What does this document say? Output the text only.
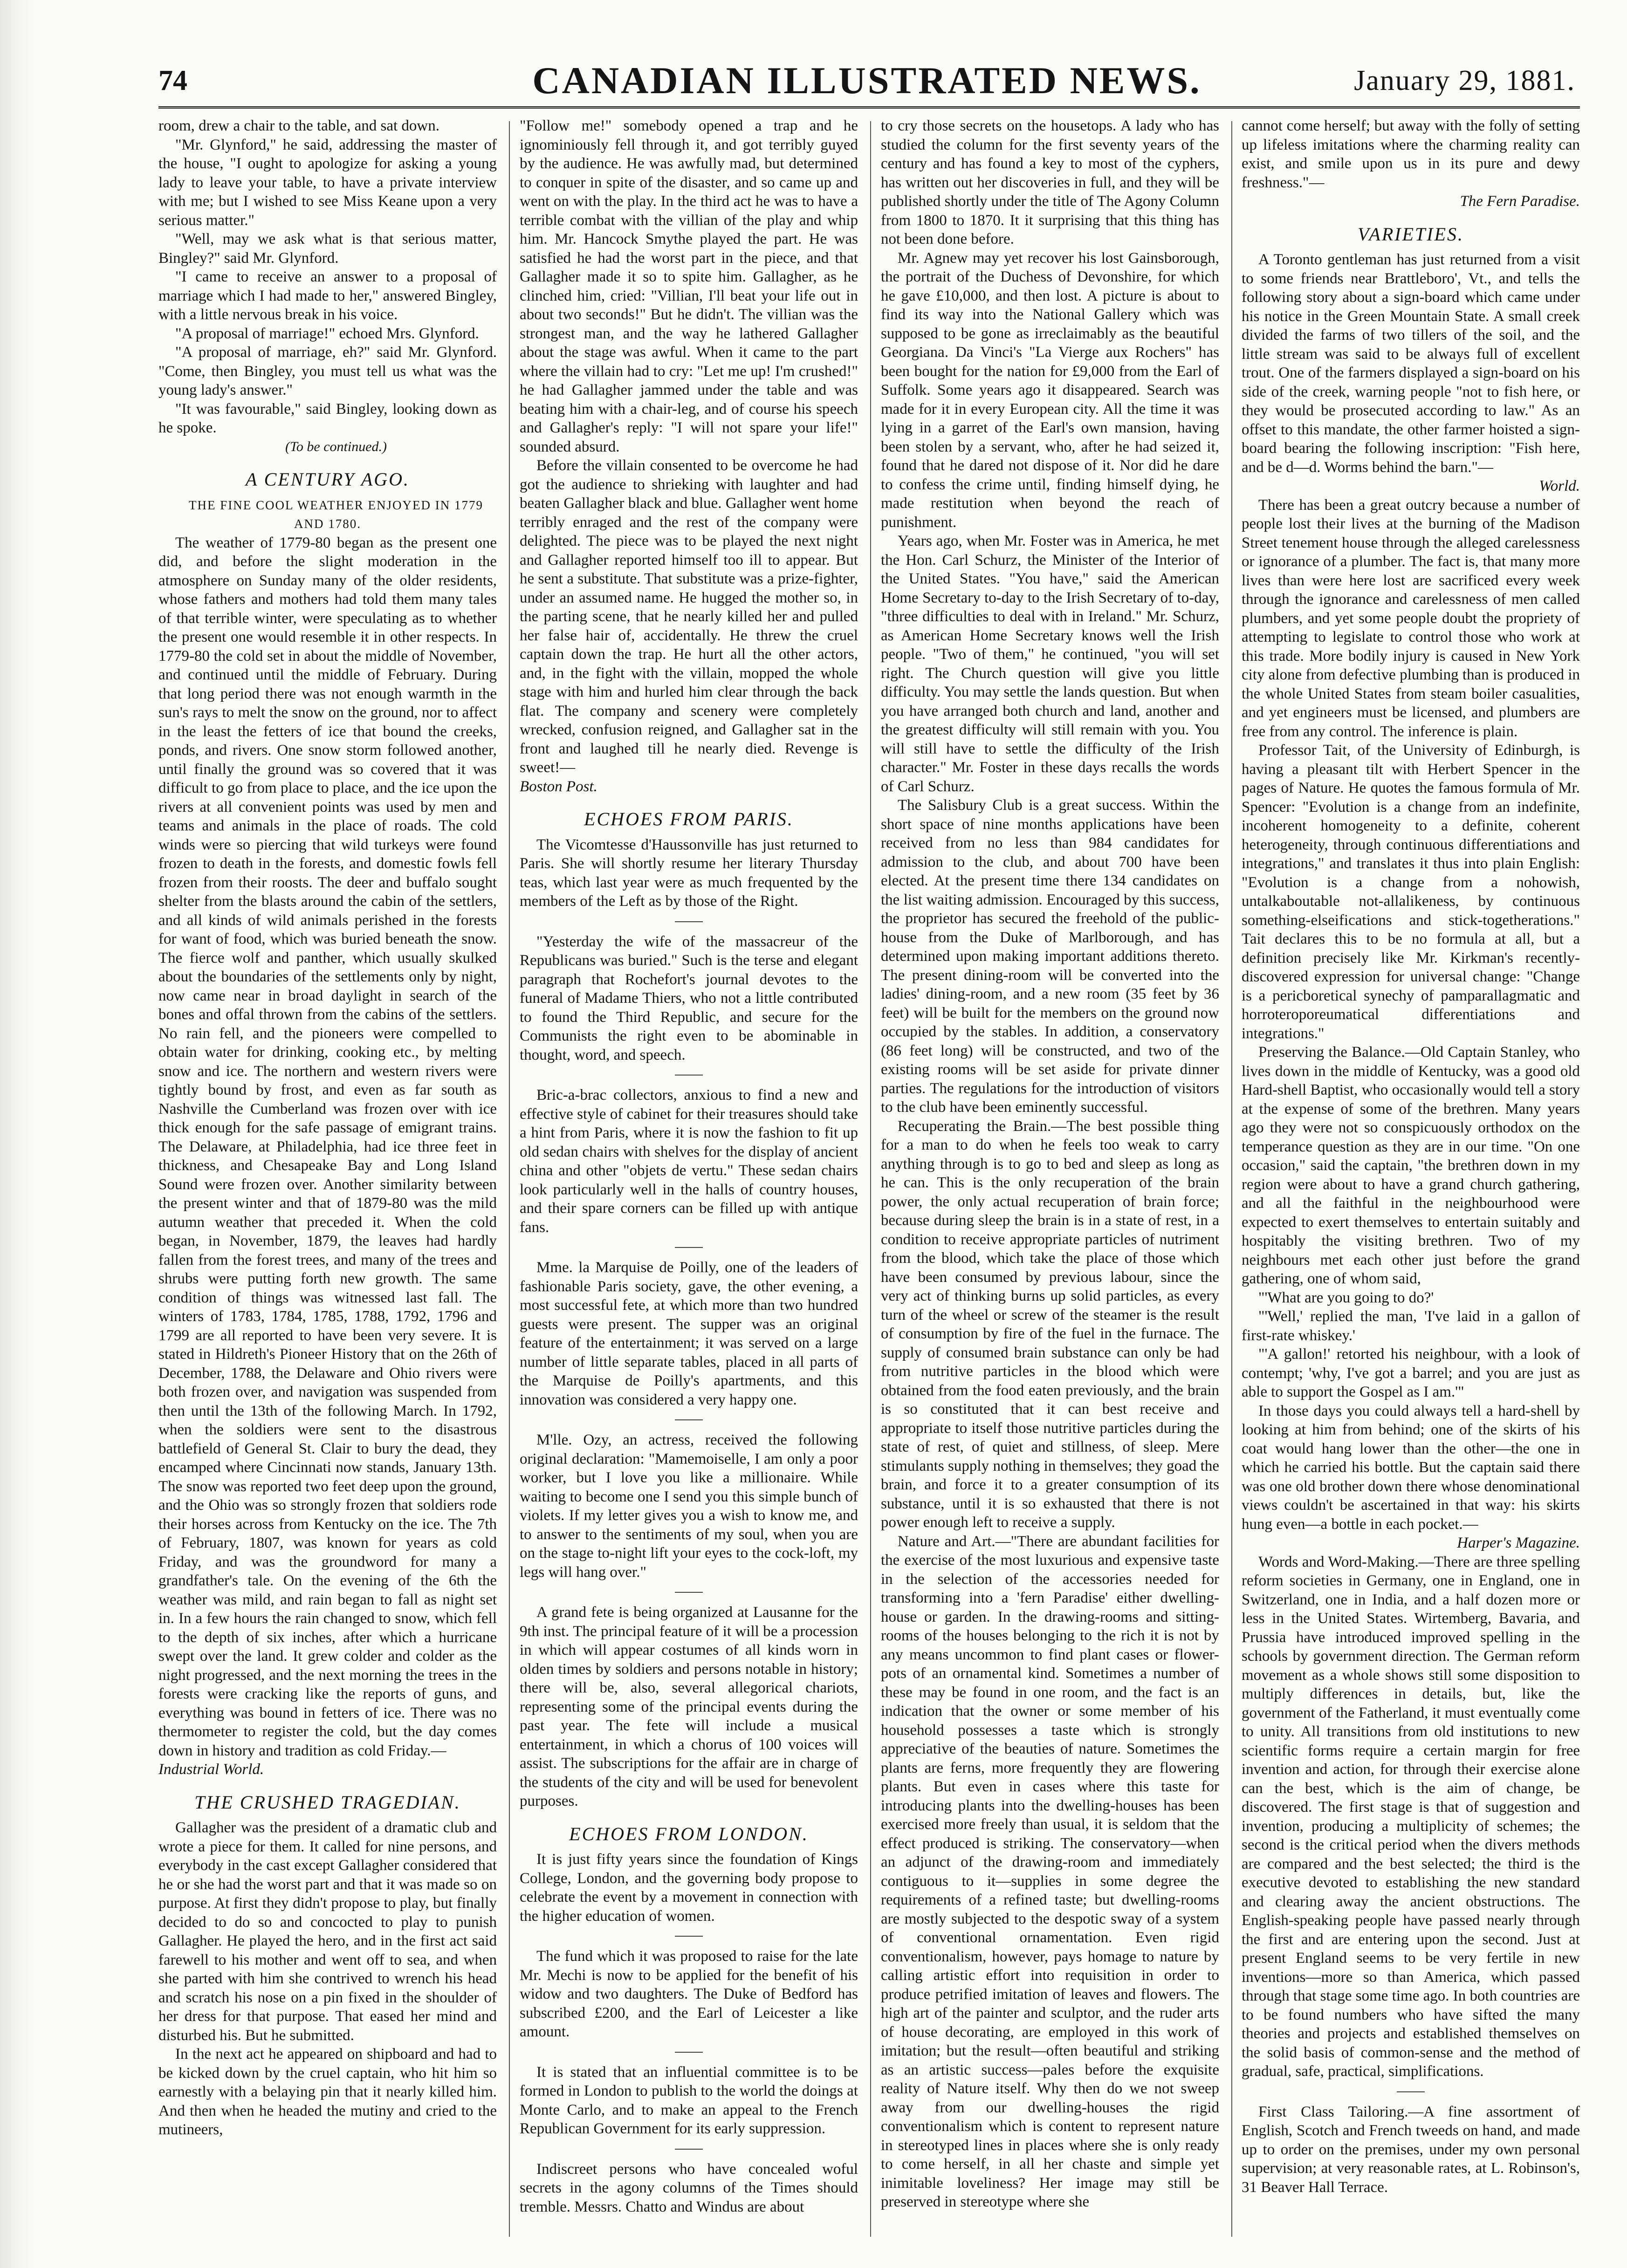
74	CANADIAN ILLUSTRATED NEWS.	January 29, 1881.

room, drew a chair to the table, and sat down.

"Mr. Glynford," he said, addressing the master of the house, "I ought to apologize for asking a young lady to leave your table, to have a private interview with me; but I wished to see Miss Keane upon a very serious matter."

"Well, may we ask what is that serious matter, Bingley?" said Mr. Glynford.

"I came to receive an answer to a proposal of marriage which I had made to her," answered Bingley, with a little nervous break in his voice.

"A proposal of marriage!" echoed Mrs. Glynford.

"A proposal of marriage, eh?" said Mr. Glynford. "Come, then Bingley, you must tell us what was the young lady's answer."

"It was favourable," said Bingley, looking down as he spoke.

(To be continued.)

A CENTURY AGO.

THE FINE COOL WEATHER ENJOYED IN 1779 AND 1780.

The weather of 1779-80 began as the present one did, and before the slight moderation in the atmosphere on Sunday many of the older residents, whose fathers and mothers had told them many tales of that terrible winter, were speculating as to whether the present one would resemble it in other respects. In 1779-80 the cold set in about the middle of November, and continued until the middle of February. During that long period there was not enough warmth in the sun's rays to melt the snow on the ground, nor to affect in the least the fetters of ice that bound the creeks, ponds, and rivers. One snow storm followed another, until finally the ground was so covered that it was difficult to go from place to place, and the ice upon the rivers at all convenient points was used by men and teams and animals in the place of roads. The cold winds were so piercing that wild turkeys were found frozen to death in the forests, and domestic fowls fell frozen from their roosts. The deer and buffalo sought shelter from the blasts around the cabin of the settlers, and all kinds of wild animals perished in the forests for want of food, which was buried beneath the snow. The fierce wolf and panther, which usually skulked about the boundaries of the settlements only by night, now came near in broad daylight in search of the bones and offal thrown from the cabins of the settlers. No rain fell, and the pioneers were compelled to obtain water for drinking, cooking etc., by melting snow and ice. The northern and western rivers were tightly bound by frost, and even as far south as Nashville the Cumberland was frozen over with ice thick enough for the safe passage of emigrant trains. The Delaware, at Philadelphia, had ice three feet in thickness, and Chesapeake Bay and Long Island Sound were frozen over. Another similarity between the present winter and that of 1879-80 was the mild autumn weather that preceded it. When the cold began, in November, 1879, the leaves had hardly fallen from the forest trees, and many of the trees and shrubs were putting forth new growth. The same condition of things was witnessed last fall. The winters of 1783, 1784, 1785, 1788, 1792, 1796 and 1799 are all reported to have been very severe. It is stated in Hildreth's Pioneer History that on the 26th of December, 1788, the Delaware and Ohio rivers were both frozen over, and navigation was suspended from then until the 13th of the following March. In 1792, when the soldiers were sent to the disastrous battlefield of General St. Clair to bury the dead, they encamped where Cincinnati now stands, January 13th. The snow was reported two feet deep upon the ground, and the Ohio was so strongly frozen that soldiers rode their horses across from Kentucky on the ice. The 7th of February, 1807, was known for years as cold Friday, and was the groundword for many a grandfather's tale. On the evening of the 6th the weather was mild, and rain began to fall as night set in. In a few hours the rain changed to snow, which fell to the depth of six inches, after which a hurricane swept over the land. It grew colder and colder as the night progressed, and the next morning the trees in the forests were cracking like the reports of guns, and everything was bound in fetters of ice. There was no thermometer to register the cold, but the day comes down in history and tradition as cold Friday.—

Industrial World.

THE CRUSHED TRAGEDIAN.

Gallagher was the president of a dramatic club and wrote a piece for them. It called for nine persons, and everybody in the cast except Gallagher considered that he or she had the worst part and that it was made so on purpose. At first they didn't propose to play, but finally decided to do so and concocted to play to punish Gallagher. He played the hero, and in the first act said farewell to his mother and went off to sea, and when she parted with him she contrived to wrench his head and scratch his nose on a pin fixed in the shoulder of her dress for that purpose. That eased her mind and disturbed his. But he submitted.

In the next act he appeared on shipboard and had to be kicked down by the cruel captain, who hit him so earnestly with a belaying pin that it nearly killed him. And then when he headed the mutiny and cried to the mutineers,

"Follow me!" somebody opened a trap and he ignominiously fell through it, and got terribly guyed by the audience. He was awfully mad, but determined to conquer in spite of the disaster, and so came up and went on with the play. In the third act he was to have a terrible combat with the villian of the play and whip him. Mr. Hancock Smythe played the part. He was satisfied he had the worst part in the piece, and that Gallagher made it so to spite him. Gallagher, as he clinched him, cried: "Villian, I'll beat your life out in about two seconds!" But he didn't. The villian was the strongest man, and the way he lathered Gallagher about the stage was awful. When it came to the part where the villain had to cry: "Let me up! I'm crushed!" he had Gallagher jammed under the table and was beating him with a chair-leg, and of course his speech and Gallagher's reply: "I will not spare your life!" sounded absurd.

Before the villain consented to be overcome he had got the audience to shrieking with laughter and had beaten Gallagher black and blue. Gallagher went home terribly enraged and the rest of the company were delighted. The piece was to be played the next night and Gallagher reported himself too ill to appear. But he sent a substitute. That substitute was a prize-fighter, under an assumed name. He hugged the mother so, in the parting scene, that he nearly killed her and pulled her false hair of, accidentally. He threw the cruel captain down the trap. He hurt all the other actors, and, in the fight with the villain, mopped the whole stage with him and hurled him clear through the back flat. The company and scenery were completely wrecked, confusion reigned, and Gallagher sat in the front and laughed till he nearly died. Revenge is sweet!—

Boston Post.

ECHOES FROM PARIS.

The Vicomtesse d'Haussonville has just returned to Paris. She will shortly resume her literary Thursday teas, which last year were as much frequented by the members of the Left as by those of the Right.

"Yesterday the wife of the massacreur of the Republicans was buried." Such is the terse and elegant paragraph that Rochefort's journal devotes to the funeral of Madame Thiers, who not a little contributed to found the Third Republic, and secure for the Communists the right even to be abominable in thought, word, and speech.

Bric-a-brac collectors, anxious to find a new and effective style of cabinet for their treasures should take a hint from Paris, where it is now the fashion to fit up old sedan chairs with shelves for the display of ancient china and other "objets de vertu." These sedan chairs look particularly well in the halls of country houses, and their spare corners can be filled up with antique fans.

Mme. la Marquise de Poilly, one of the leaders of fashionable Paris society, gave, the other evening, a most successful fete, at which more than two hundred guests were present. The supper was an original feature of the entertainment; it was served on a large number of little separate tables, placed in all parts of the Marquise de Poilly's apartments, and this innovation was considered a very happy one.

M'lle. Ozy, an actress, received the following original declaration: "Mamemoiselle, I am only a poor worker, but I love you like a millionaire. While waiting to become one I send you this simple bunch of violets. If my letter gives you a wish to know me, and to answer to the sentiments of my soul, when you are on the stage to-night lift your eyes to the cock-loft, my legs will hang over."

A grand fete is being organized at Lausanne for the 9th inst. The principal feature of it will be a procession in which will appear costumes of all kinds worn in olden times by soldiers and persons notable in history; there will be, also, several allegorical chariots, representing some of the principal events during the past year. The fete will include a musical entertainment, in which a chorus of 100 voices will assist. The subscriptions for the affair are in charge of the students of the city and will be used for benevolent purposes.

ECHOES FROM LONDON.

It is just fifty years since the foundation of Kings College, London, and the governing body propose to celebrate the event by a movement in connection with the higher education of women.

The fund which it was proposed to raise for the late Mr. Mechi is now to be applied for the benefit of his widow and two daughters. The Duke of Bedford has subscribed £200, and the Earl of Leicester a like amount.

It is stated that an influential committee is to be formed in London to publish to the world the doings at Monte Carlo, and to make an appeal to the French Republican Government for its early suppression.

Indiscreet persons who have concealed woful secrets in the agony columns of the Times should tremble. Messrs. Chatto and Windus are about

to cry those secrets on the housetops. A lady who has studied the column for the first seventy years of the century and has found a key to most of the cyphers, has written out her discoveries in full, and they will be published shortly under the title of The Agony Column from 1800 to 1870. It it surprising that this thing has not been done before.

Mr. Agnew may yet recover his lost Gainsborough, the portrait of the Duchess of Devonshire, for which he gave £10,000, and then lost. A picture is about to find its way into the National Gallery which was supposed to be gone as irreclaimably as the beautiful Georgiana. Da Vinci's "La Vierge aux Rochers" has been bought for the nation for £9,000 from the Earl of Suffolk. Some years ago it disappeared. Search was made for it in every European city. All the time it was lying in a garret of the Earl's own mansion, having been stolen by a servant, who, after he had seized it, found that he dared not dispose of it. Nor did he dare to confess the crime until, finding himself dying, he made restitution when beyond the reach of punishment.

Years ago, when Mr. Foster was in America, he met the Hon. Carl Schurz, the Minister of the Interior of the United States. "You have," said the American Home Secretary to-day to the Irish Secretary of to-day, "three difficulties to deal with in Ireland." Mr. Schurz, as American Home Secretary knows well the Irish people. "Two of them," he continued, "you will set right. The Church question will give you little difficulty. You may settle the lands question. But when you have arranged both church and land, another and the greatest difficulty will still remain with you. You will still have to settle the difficulty of the Irish character." Mr. Foster in these days recalls the words of Carl Schurz.

The Salisbury Club is a great success. Within the short space of nine months applications have been received from no less than 984 candidates for admission to the club, and about 700 have been elected. At the present time there 134 candidates on the list waiting admission. Encouraged by this success, the proprietor has secured the freehold of the public-house from the Duke of Marlborough, and has determined upon making important additions thereto. The present dining-room will be converted into the ladies' dining-room, and a new room (35 feet by 36 feet) will be built for the members on the ground now occupied by the stables. In addition, a conservatory (86 feet long) will be constructed, and two of the existing rooms will be set aside for private dinner parties. The regulations for the introduction of visitors to the club have been eminently successful.

Recuperating the Brain.—The best possible thing for a man to do when he feels too weak to carry anything through is to go to bed and sleep as long as he can. This is the only recuperation of the brain power, the only actual recuperation of brain force; because during sleep the brain is in a state of rest, in a condition to receive appropriate particles of nutriment from the blood, which take the place of those which have been consumed by previous labour, since the very act of thinking burns up solid particles, as every turn of the wheel or screw of the steamer is the result of consumption by fire of the fuel in the furnace. The supply of consumed brain substance can only be had from nutritive particles in the blood which were obtained from the food eaten previously, and the brain is so constituted that it can best receive and appropriate to itself those nutritive particles during the state of rest, of quiet and stillness, of sleep. Mere stimulants supply nothing in themselves; they goad the brain, and force it to a greater consumption of its substance, until it is so exhausted that there is not power enough left to receive a supply.

Nature and Art.—"There are abundant facilities for the exercise of the most luxurious and expensive taste in the selection of the accessories needed for transforming into a 'fern Paradise' either dwelling-house or garden. In the drawing-rooms and sitting-rooms of the houses belonging to the rich it is not by any means uncommon to find plant cases or flower-pots of an ornamental kind. Sometimes a number of these may be found in one room, and the fact is an indication that the owner or some member of his household possesses a taste which is strongly appreciative of the beauties of nature. Sometimes the plants are ferns, more frequently they are flowering plants. But even in cases where this taste for introducing plants into the dwelling-houses has been exercised more freely than usual, it is seldom that the effect produced is striking. The conservatory—when an adjunct of the drawing-room and immediately contiguous to it—supplies in some degree the requirements of a refined taste; but dwelling-rooms are mostly subjected to the despotic sway of a system of conventional ornamentation. Even rigid conventionalism, however, pays homage to nature by calling artistic effort into requisition in order to produce petrified imitation of leaves and flowers. The high art of the painter and sculptor, and the ruder arts of house decorating, are employed in this work of imitation; but the result—often beautiful and striking as an artistic success—pales before the exquisite reality of Nature itself. Why then do we not sweep away from our dwelling-houses the rigid conventionalism which is content to represent nature in stereotyped lines in places where she is only ready to come herself, in all her chaste and simple yet inimitable loveliness? Her image may still be preserved in stereotype where she

cannot come herself; but away with the folly of setting up lifeless imitations where the charming reality can exist, and smile upon us in its pure and dewy freshness."—

The Fern Paradise.

VARIETIES.

A Toronto gentleman has just returned from a visit to some friends near Brattleboro', Vt., and tells the following story about a sign-board which came under his notice in the Green Mountain State. A small creek divided the farms of two tillers of the soil, and the little stream was said to be always full of excellent trout. One of the farmers displayed a sign-board on his side of the creek, warning people "not to fish here, or they would be prosecuted according to law." As an offset to this mandate, the other farmer hoisted a sign-board bearing the following inscription: "Fish here, and be d—d. Worms behind the barn."—

World.

There has been a great outcry because a number of people lost their lives at the burning of the Madison Street tenement house through the alleged carelessness or ignorance of a plumber. The fact is, that many more lives than were here lost are sacrificed every week through the ignorance and carelessness of men called plumbers, and yet some people doubt the propriety of attempting to legislate to control those who work at this trade. More bodily injury is caused in New York city alone from defective plumbing than is produced in the whole United States from steam boiler casualities, and yet engineers must be licensed, and plumbers are free from any control. The inference is plain.

Professor Tait, of the University of Edinburgh, is having a pleasant tilt with Herbert Spencer in the pages of Nature. He quotes the famous formula of Mr. Spencer: "Evolution is a change from an indefinite, incoherent homogeneity to a definite, coherent heterogeneity, through continuous differentiations and integrations," and translates it thus into plain English: "Evolution is a change from a nohowish, untalkaboutable not-allalikeness, by continuous something-elseifications and stick-togetherations." Tait declares this to be no formula at all, but a definition precisely like Mr. Kirkman's recently-discovered expression for universal change: "Change is a pericboretical synechy of pamparallagmatic and horroteroporeumatical differentiations and integrations."

Preserving the Balance.—Old Captain Stanley, who lives down in the middle of Kentucky, was a good old Hard-shell Baptist, who occasionally would tell a story at the expense of some of the brethren. Many years ago they were not so conspicuously orthodox on the temperance question as they are in our time. "On one occasion," said the captain, "the brethren down in my region were about to have a grand church gathering, and all the faithful in the neighbourhood were expected to exert themselves to entertain suitably and hospitably the visiting brethren. Two of my neighbours met each other just before the grand gathering, one of whom said,

"'What are you going to do?'

"'Well,' replied the man, 'I've laid in a gallon of first-rate whiskey.'

"'A gallon!' retorted his neighbour, with a look of contempt; 'why, I've got a barrel; and you are just as able to support the Gospel as I am.'"

In those days you could always tell a hard-shell by looking at him from behind; one of the skirts of his coat would hang lower than the other—the one in which he carried his bottle. But the captain said there was one old brother down there whose denominational views couldn't be ascertained in that way: his skirts hung even—a bottle in each pocket.—

Harper's Magazine.

Words and Word-Making.—There are three spelling reform societies in Germany, one in England, one in Switzerland, one in India, and a half dozen more or less in the United States. Wirtemberg, Bavaria, and Prussia have introduced improved spelling in the schools by government direction. The German reform movement as a whole shows still some disposition to multiply differences in details, but, like the government of the Fatherland, it must eventually come to unity. All transitions from old institutions to new scientific forms require a certain margin for free invention and action, for through their exercise alone can the best, which is the aim of change, be discovered. The first stage is that of suggestion and invention, producing a multiplicity of schemes; the second is the critical period when the divers methods are compared and the best selected; the third is the executive devoted to establishing the new standard and clearing away the ancient obstructions. The English-speaking people have passed nearly through the first and are entering upon the second. Just at present England seems to be very fertile in new inventions—more so than America, which passed through that stage some time ago. In both countries are to be found numbers who have sifted the many theories and projects and established themselves on the solid basis of common-sense and the method of gradual, safe, practical, simplifications.

First Class Tailoring.—A fine assortment of English, Scotch and French tweeds on hand, and made up to order on the premises, under my own personal supervision; at very reasonable rates, at L. Robinson's, 31 Beaver Hall Terrace.
